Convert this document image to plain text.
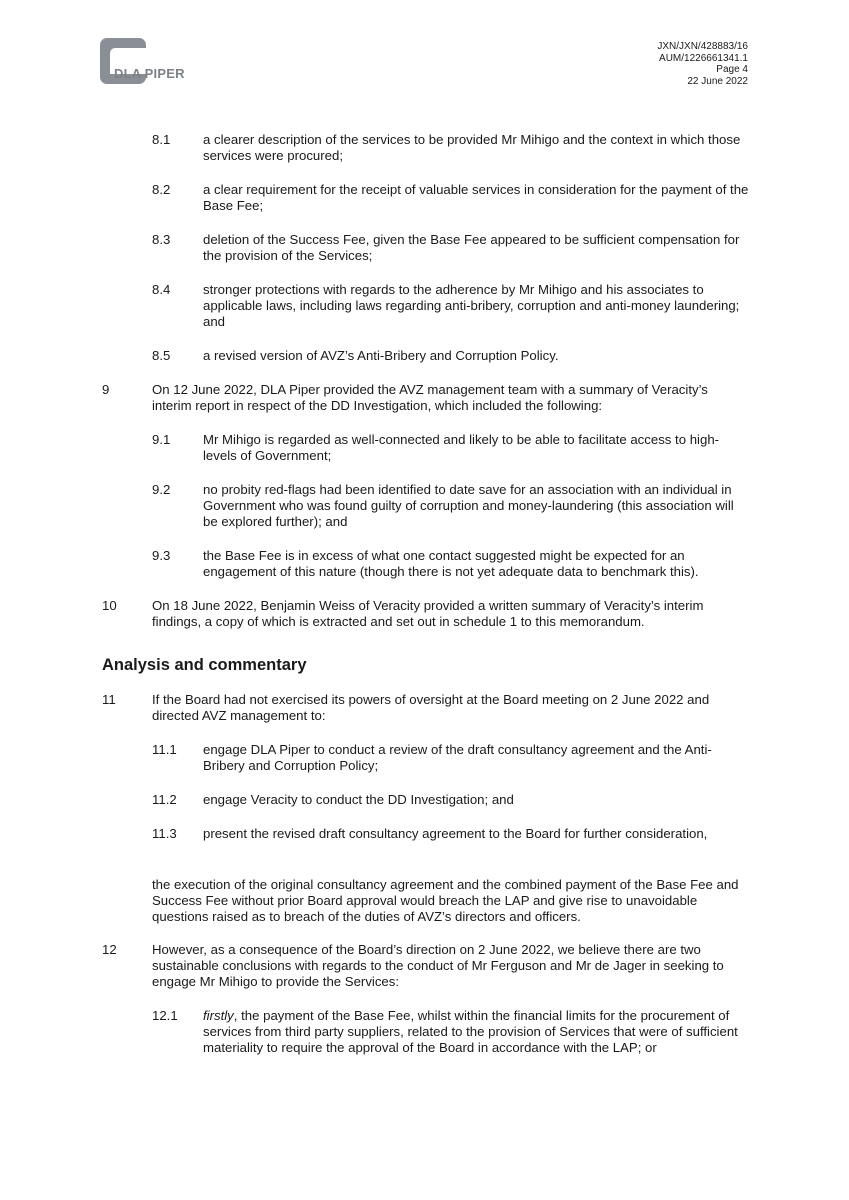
DLA PIPER
JXN/JXN/428883/16
AUM/1226661341.1
Page 4
22 June 2022
8.1 a clearer description of the services to be provided Mr Mihigo and the context in which those services were procured;
8.2 a clear requirement for the receipt of valuable services in consideration for the payment of the Base Fee;
8.3 deletion of the Success Fee, given the Base Fee appeared to be sufficient compensation for the provision of the Services;
8.4 stronger protections with regards to the adherence by Mr Mihigo and his associates to applicable laws, including laws regarding anti-bribery, corruption and anti-money laundering; and
8.5 a revised version of AVZ’s Anti-Bribery and Corruption Policy.
9	On 12 June 2022, DLA Piper provided the AVZ management team with a summary of Veracity’s interim report in respect of the DD Investigation, which included the following:
9.1 Mr Mihigo is regarded as well-connected and likely to be able to facilitate access to high-levels of Government;
9.2 no probity red-flags had been identified to date save for an association with an individual in Government who was found guilty of corruption and money-laundering (this association will be explored further); and
9.3 the Base Fee is in excess of what one contact suggested might be expected for an engagement of this nature (though there is not yet adequate data to benchmark this).
10	On 18 June 2022, Benjamin Weiss of Veracity provided a written summary of Veracity’s interim findings, a copy of which is extracted and set out in schedule 1 to this memorandum.
Analysis and commentary
11	If the Board had not exercised its powers of oversight at the Board meeting on 2 June 2022 and directed AVZ management to:
11.1 engage DLA Piper to conduct a review of the draft consultancy agreement and the Anti-Bribery and Corruption Policy;
11.2 engage Veracity to conduct the DD Investigation; and
11.3 present the revised draft consultancy agreement to the Board for further consideration,
the execution of the original consultancy agreement and the combined payment of the Base Fee and Success Fee without prior Board approval would breach the LAP and give rise to unavoidable questions raised as to breach of the duties of AVZ’s directors and officers.
12	However, as a consequence of the Board’s direction on 2 June 2022, we believe there are two sustainable conclusions with regards to the conduct of Mr Ferguson and Mr de Jager in seeking to engage Mr Mihigo to provide the Services:
12.1 firstly, the payment of the Base Fee, whilst within the financial limits for the procurement of services from third party suppliers, related to the provision of Services that were of sufficient materiality to require the approval of the Board in accordance with the LAP; or
